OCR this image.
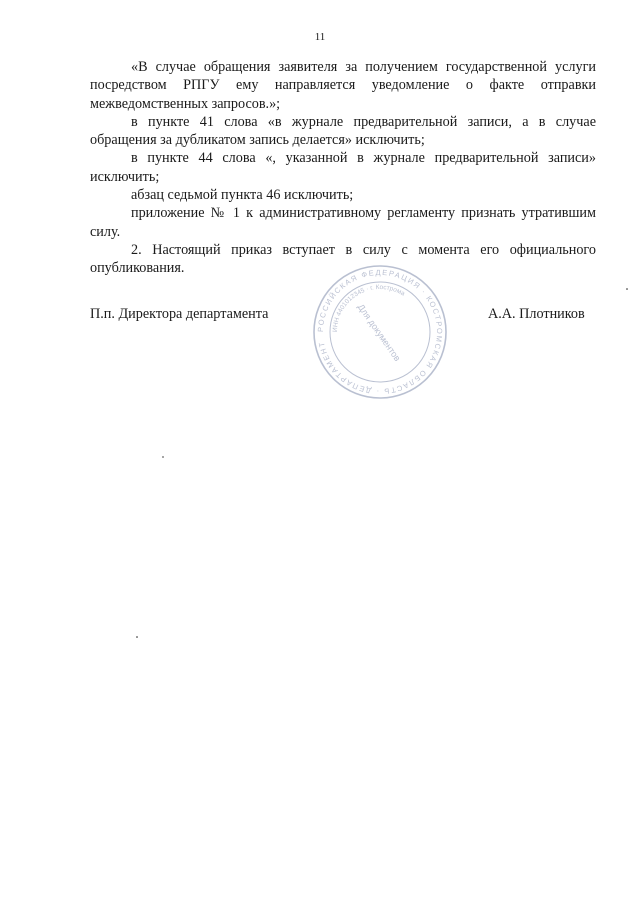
11

«В случае обращения заявителя за получением государственной услуги посредством РПГУ ему направляется уведомление о факте отправки межведомственных запросов.»;

в пункте 41 слова «в журнале предварительной записи, а в случае обращения за дубликатом запись делается» исключить;

в пункте 44 слова «, указанной в журнале предварительной записи» исключить;

абзац седьмой пункта 46 исключить;

приложение № 1 к административному регламенту признать утратившим силу.

2. Настоящий приказ вступает в силу с момента его официального опубликования.

П.п. Директора департамента	А.А. Плотников
РОССИЙСКАЯ ФЕДЕРАЦИЯ · КОСТРОМСКАЯ ОБЛАСТЬ · ДЕПАРТАМЕНТ
ИНН 4401012345 · г. Кострома
Для документов
